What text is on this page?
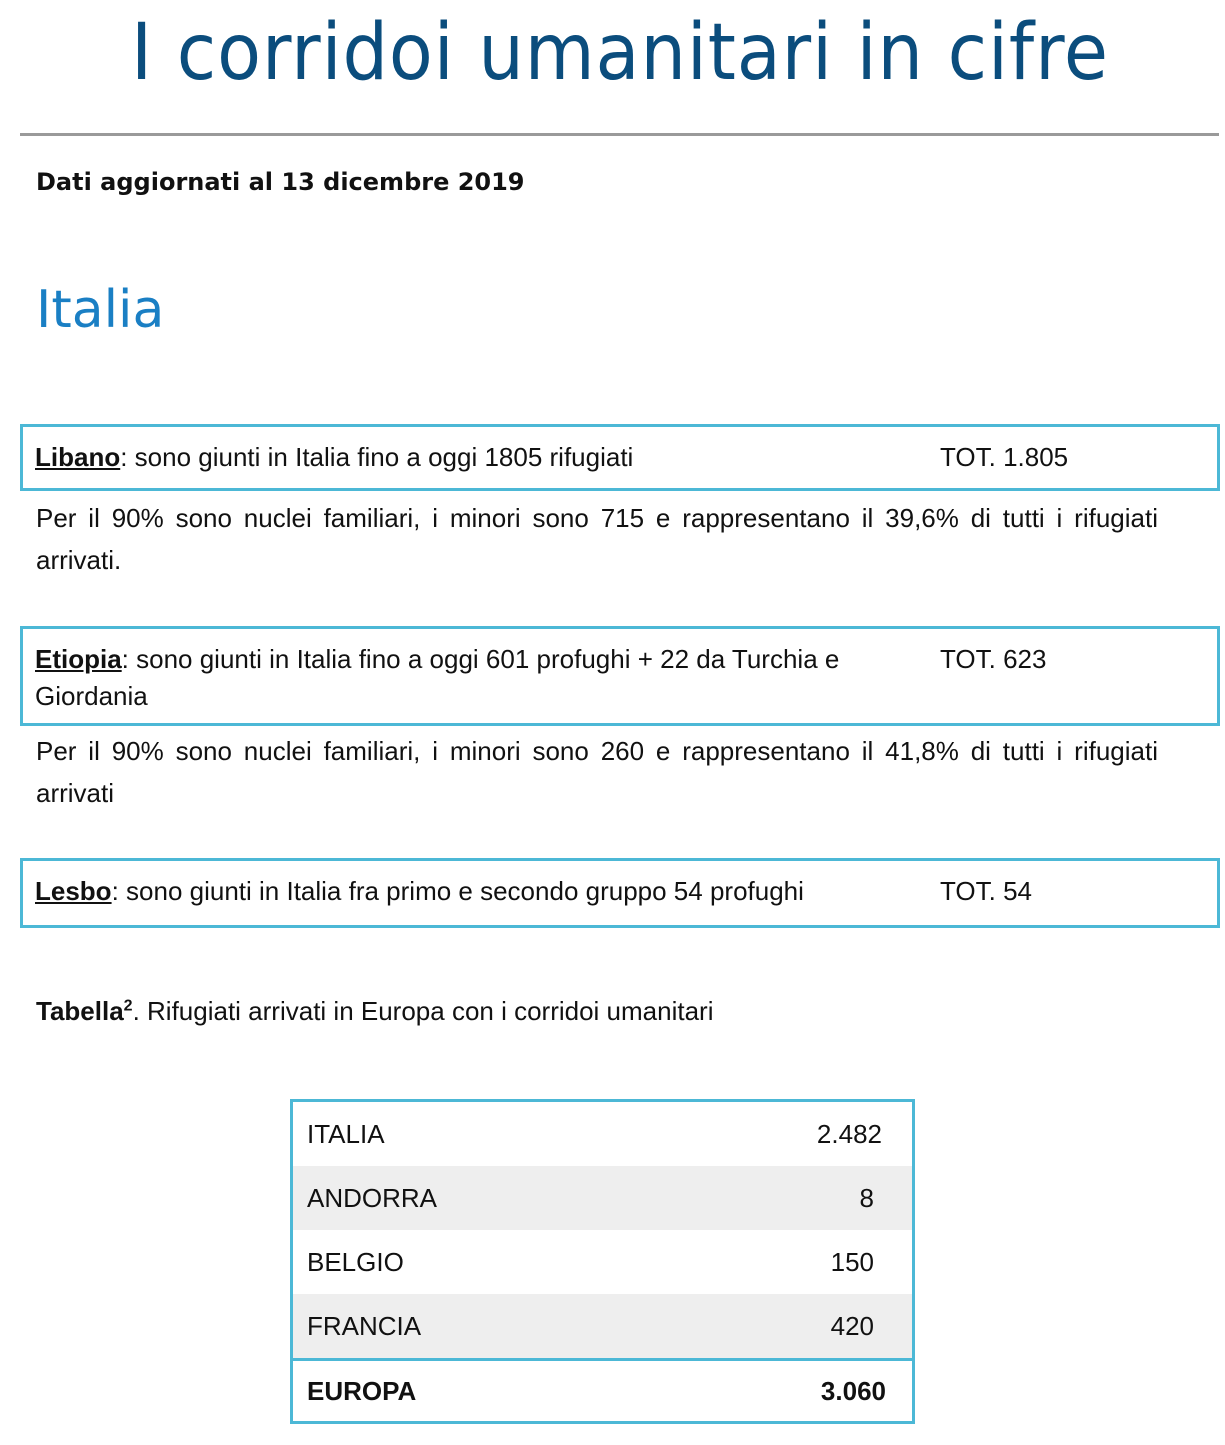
I corridoi umanitari in cifre
Dati aggiornati al 13 dicembre 2019
Italia
Libano: sono giunti in Italia fino a oggi 1805 rifugiati	TOT. 1.805
Per il 90% sono nuclei familiari, i minori sono 715 e rappresentano il 39,6% di tutti i rifugiati arrivati.
Etiopia: sono giunti in Italia fino a oggi 601 profughi + 22 da Turchia e Giordania
TOT. 623
Per il 90% sono nuclei familiari, i minori sono 260 e rappresentano il 41,8% di tutti i rifugiati arrivati
Lesbo: sono giunti in Italia fra primo e secondo gruppo 54 profughi	TOT. 54
Tabella$^2$. Rifugiati arrivati in Europa con i corridoi umanitari
ITALIA	2.482
ANDORRA	8
BELGIO	150
FRANCIA	420
EUROPA	3.060
